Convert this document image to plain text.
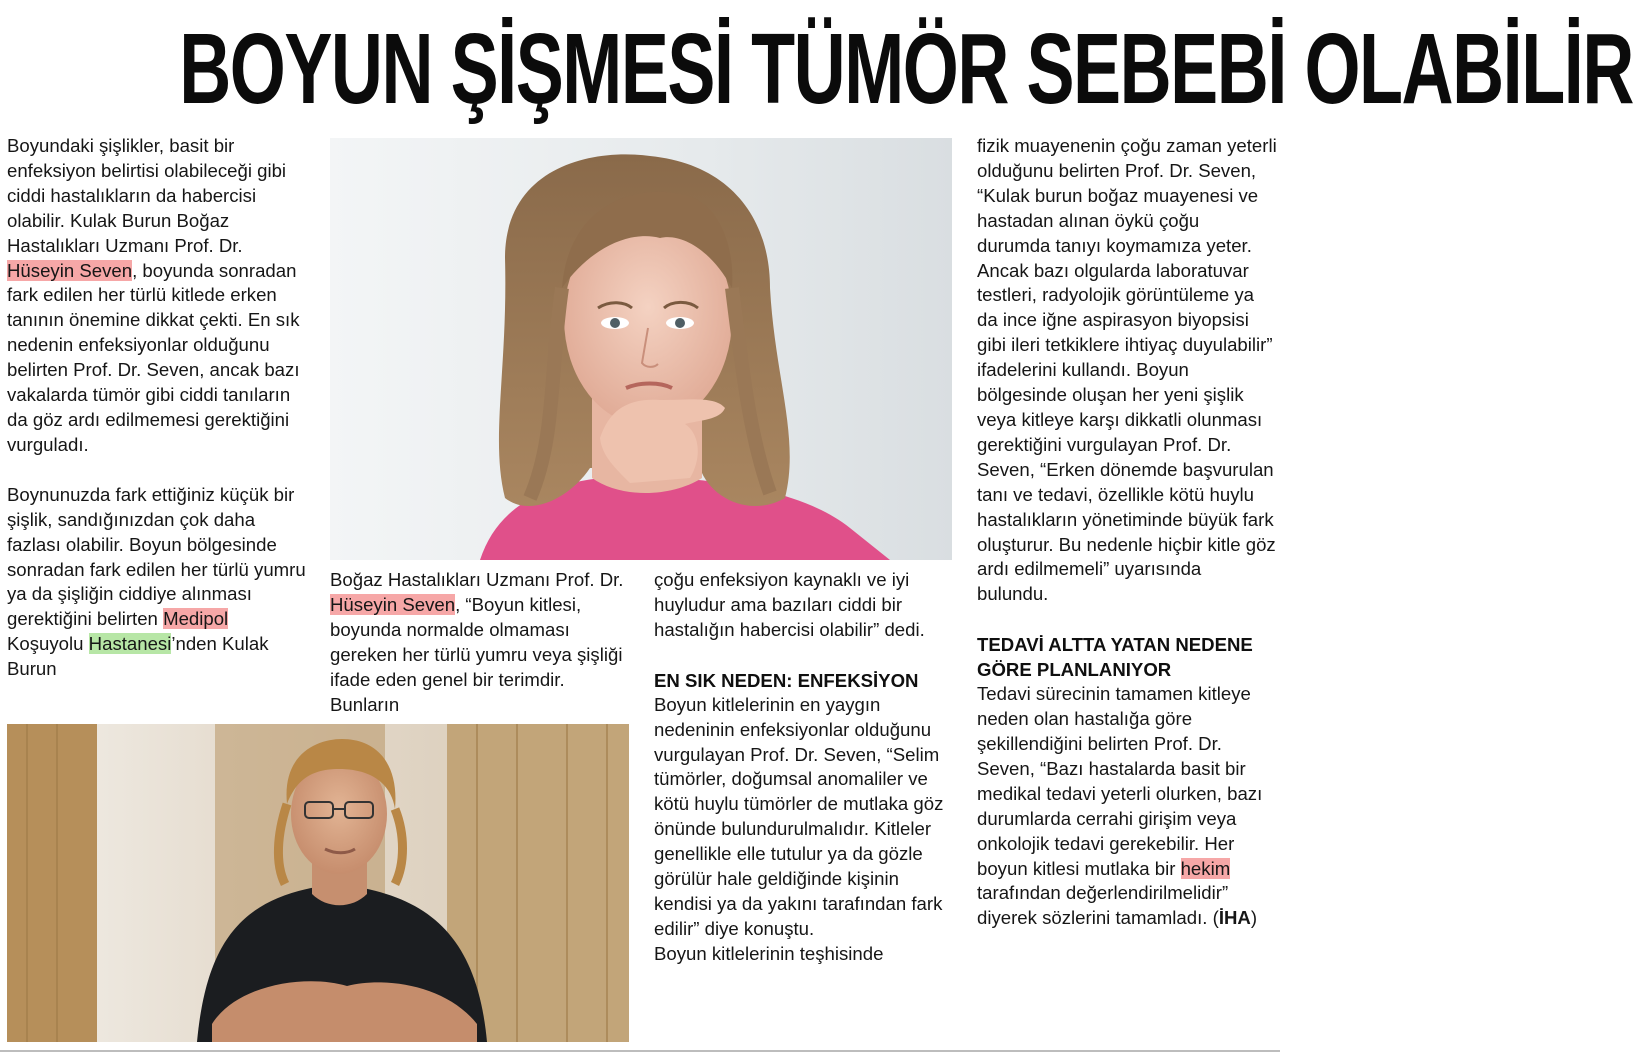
BOYUN ŞİŞMESİ TÜMÖR SEBEBİ OLABİLİR

Boyundaki şişlikler, basit bir enfeksiyon belirtisi olabileceği gibi ciddi hastalıkların da habercisi olabilir. Kulak Burun Boğaz Hastalıkları Uzmanı Prof. Dr. Hüseyin Seven, boyunda sonradan fark edilen her türlü kitlede erken tanının önemine dikkat çekti. En sık nedenin enfeksiyonlar olduğunu belirten Prof. Dr. Seven, ancak bazı vakalarda tümör gibi ciddi tanıların da göz ardı edilmemesi gerektiğini vurguladı.

Boynunuzda fark ettiğiniz küçük bir şişlik, sandığınızdan çok daha fazlası olabilir. Boyun bölgesinde sonradan fark edilen her türlü yumru ya da şişliğin ciddiye alınması gerektiğini belirten Medipol Koşuyolu Hastanesi’nden Kulak Burun

Boğaz Hastalıkları Uzmanı Prof. Dr. Hüseyin Seven, “Boyun kitlesi, boyunda normalde olmaması gereken her türlü yumru veya şişliği ifade eden genel bir terimdir. Bunların

çoğu enfeksiyon kaynaklı ve iyi huyludur ama bazıları ciddi bir hastalığın habercisi olabilir” dedi.

EN SIK NEDEN: ENFEKSİYON

Boyun kitlelerinin en yaygın nedeninin enfeksiyonlar olduğunu vurgulayan Prof. Dr. Seven, “Selim tümörler, doğumsal anomaliler ve kötü huylu tümörler de mutlaka göz önünde bulundurulmalıdır. Kitleler genellikle elle tutulur ya da gözle görülür hale geldiğinde kişinin kendisi ya da yakını tarafından fark edilir” diye konuştu.

Boyun kitlelerinin teşhisinde

fizik muayenenin çoğu zaman yeterli olduğunu belirten Prof. Dr. Seven, “Kulak burun boğaz muayenesi ve hastadan alınan öykü çoğu durumda tanıyı koymamıza yeter. Ancak bazı olgularda laboratuvar testleri, radyolojik görüntüleme ya da ince iğne aspirasyon biyopsisi gibi ileri tetkiklere ihtiyaç duyulabilir” ifadelerini kullandı. Boyun bölgesinde oluşan her yeni şişlik veya kitleye karşı dikkatli olunması gerektiğini vurgulayan Prof. Dr. Seven, “Erken dönemde başvurulan tanı ve tedavi, özellikle kötü huylu hastalıkların yönetiminde büyük fark oluşturur. Bu nedenle hiçbir kitle göz ardı edilmemeli” uyarısında bulundu.

TEDAVİ ALTTA YATAN NEDENE GÖRE PLANLANIYOR

Tedavi sürecinin tamamen kitleye neden olan hastalığa göre şekillendiğini belirten Prof. Dr. Seven, “Bazı hastalarda basit bir medikal tedavi yeterli olurken, bazı durumlarda cerrahi girişim veya onkolojik tedavi gerekebilir. Her boyun kitlesi mutlaka bir hekim tarafından değerlendirilmelidir” diyerek sözlerini tamamladı. (İHA)
